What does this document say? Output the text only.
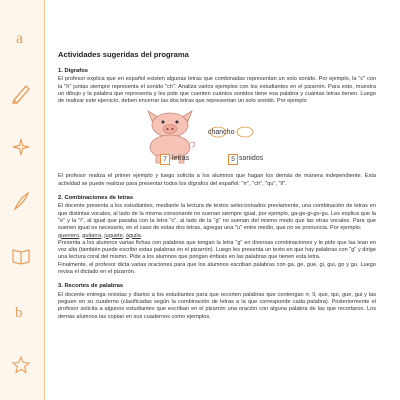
a
b
Actividades sugeridas del programa
1. Dígrafos

El profesor explica que en español existen algunas letras que combinadas representan un solo sonido. Por ejemplo, la "c" con la "h" juntas siempre representa el sonido "ch". Analiza varios ejemplos con los estudiantes en el pizarrón. Para esto, muestra un dibujo y la palabra que representa y les pide que cuenten cuántos sonidos tiene esa palabra y cuántas letras tienen. Luego de realizar este ejercicio, deben encerrar las dos letras que representan un solo sonido. Por ejemplo

chancho
7 letras	5 sonidos

El profesor realiza el primer ejemplo y luego solicita a los alumnos que hagan los demás de manera independiente. Esta actividad se puede realizar para presentar todos los dígrafos del español: "rr", "ch", "qu", "ll".

2. Combinaciones de letras

El docente presenta a los estudiantes, mediante la lectura de textos seleccionados previamente, una combinación de letras en que distintas vocales, al lado de la misma consonante no suenan siempre igual, por ejemplo, ga-ge-gi-go-gu. Les explica que la "e" y la "i", al igual que pasaba con la letra "c", al lado de la "g" no suenan del mismo modo que las otras vocales. Para que suenen igual es necesario, en el caso de estas dos letras, agregar una "u" entre medio, que no se pronuncia. Por ejemplo:

guerrero, guitarra, juguete, águila.

Presenta a los alumnos varias fichas con palabras que tengan la letra "g" en diversas combinaciones y le pide que las lean en voz alta (también puede escribir estas palabras en el pizarrón). Luego les presenta un texto en que hay palabras con "g" y dirige una lectura coral del mismo. Pide a los alumnos que pongan énfasis en las palabras que tienen esta letra.

Finalmente, el profesor dicta varias oraciones para que los alumnos escriban palabras con ga, ge, gue, gi, gui, go y gu. Luego revisa el dictado en el pizarrón.

3. Recortes de palabras

El docente entrega revistas y diarios a los estudiantes para que recorten palabras que contengan rr, ll, que, qui, gue, gui y las peguen en su cuaderno (clasificadas según la combinación de letras a la que corresponde cada palabra). Posteriormente el profesor solicita a algunos estudiantes que escriban en el pizarrón una oración con alguna palabra de las que recortaron. Los demás alumnos las copian en sus cuadernos como ejemplos.
